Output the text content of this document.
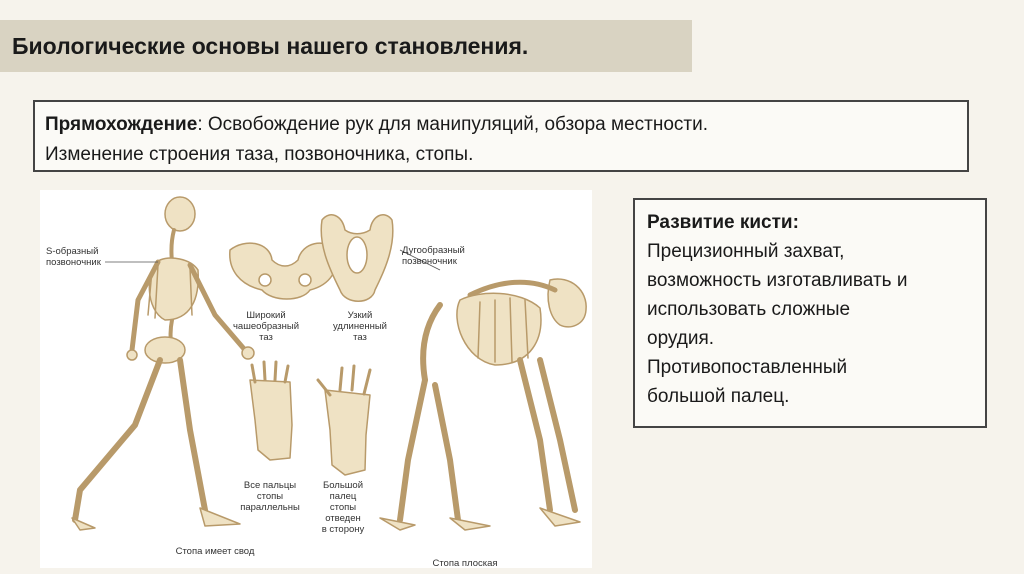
Биологические основы нашего становления.
Прямохождение: Освобождение рук для манипуляций, обзора местности.
Изменение строения таза, позвоночника, стопы.
Развитие кисти:
Прецизионный захват,
возможность изготавливать и
использовать сложные
орудия.
Противопоставленный
большой палец.
S-образный
позвоночник
Широкий
чашеобразный
таз
Узкий
удлиненный
таз
Дугообразный
позвоночник
Все пальцы
стопы
параллельны
Большой
палец
стопы
отведен
в сторону
Стопа имеет свод
Стопа плоская
